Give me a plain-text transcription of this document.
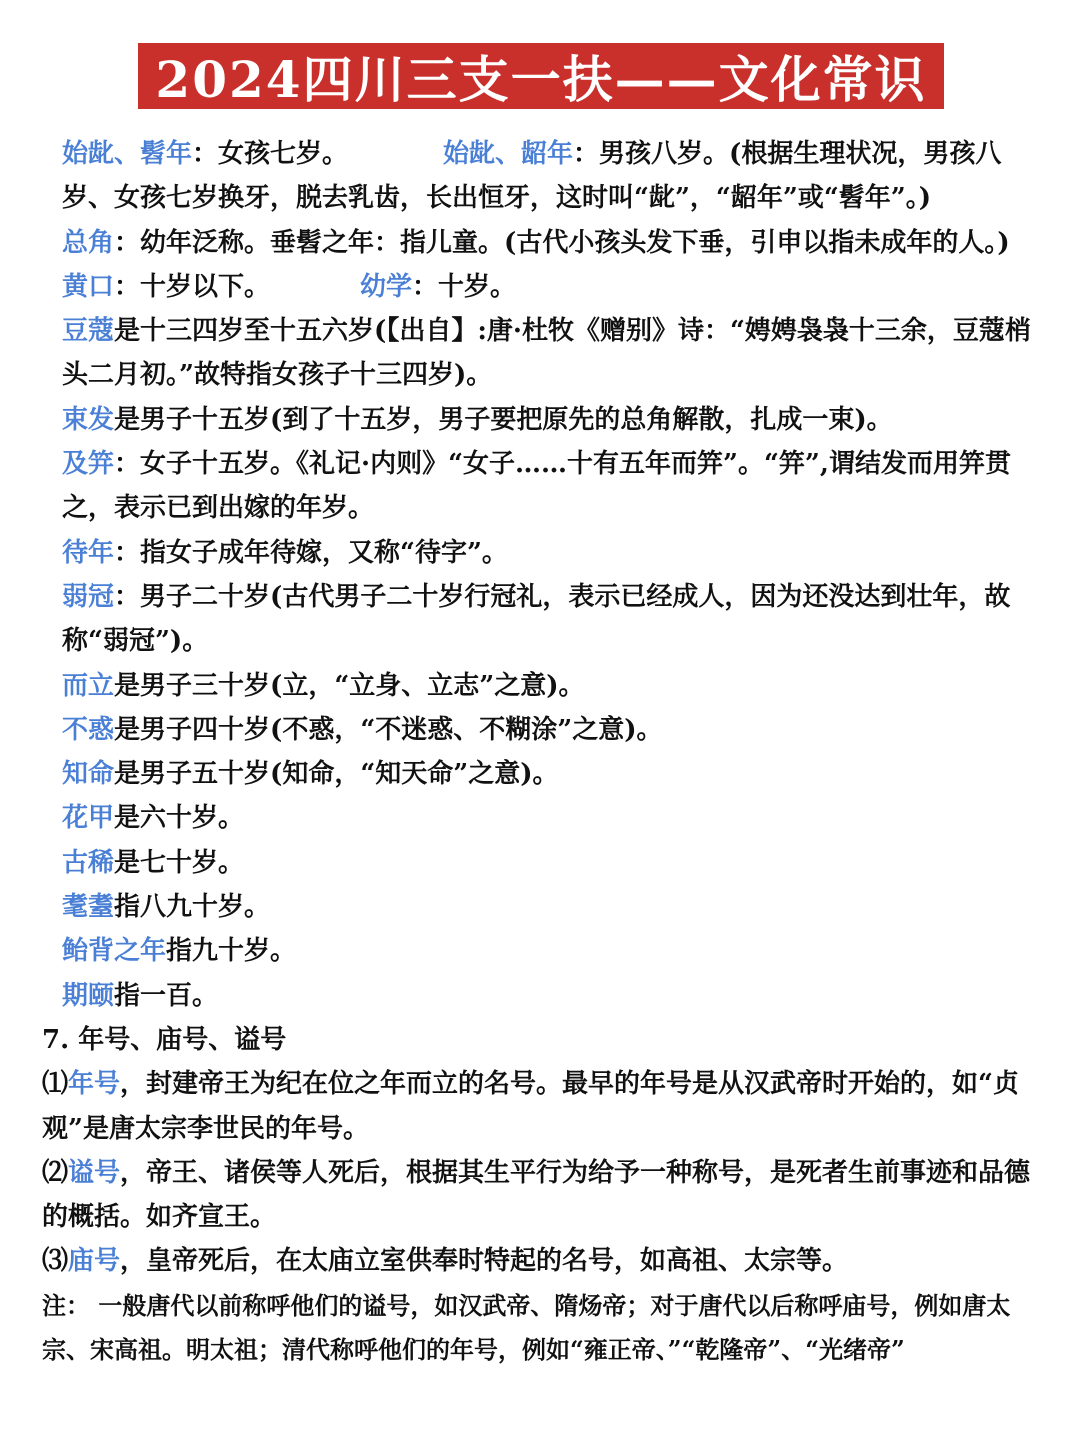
2024四川三支一扶——文化常识

始龀、髫年：女孩七岁。	始龀、龆年：男孩八岁。(根据生理状况，男孩八岁、女孩七岁换牙，脱去乳齿，长出恒牙，这时叫“龀”，“龆年”或“髫年”。)

总角：幼年泛称。垂髫之年：指儿童。(古代小孩头发下垂，引申以指未成年的人。)

黄口：十岁以下。	幼学：十岁。

豆蔻是十三四岁至十五六岁(【出自】:唐·杜牧《赠别》诗：“娉娉袅袅十三余，豆蔻梢头二月初。”故特指女孩子十三四岁)。

束发是男子十五岁(到了十五岁，男子要把原先的总角解散，扎成一束)。

及笄：女子十五岁。《礼记·内则》“女子……十有五年而笄”。“笄”,谓结发而用笄贯之，表示已到出嫁的年岁。

待年：指女子成年待嫁，又称“待字”。

弱冠：男子二十岁(古代男子二十岁行冠礼，表示已经成人，因为还没达到壮年，故称“弱冠”)。

而立是男子三十岁(立，“立身、立志”之意)。

不惑是男子四十岁(不惑，“不迷惑、不糊涂”之意)。

知命是男子五十岁(知命，“知天命”之意)。

花甲是六十岁。

古稀是七十岁。

耄耋指八九十岁。

鲐背之年指九十岁。

期颐指一百。

7. 年号、庙号、谥号

⑴年号，封建帝王为纪在位之年而立的名号。最早的年号是从汉武帝时开始的，如“贞观”是唐太宗李世民的年号。

⑵谥号，帝王、诸侯等人死后，根据其生平行为给予一种称号，是死者生前事迹和品德的概括。如齐宣王。

⑶庙号，皇帝死后，在太庙立室供奉时特起的名号，如高祖、太宗等。

注： 一般唐代以前称呼他们的谥号，如汉武帝、隋炀帝；对于唐代以后称呼庙号，例如唐太宗、宋高祖。明太祖；清代称呼他们的年号，例如“雍正帝、”“乾隆帝”、“光绪帝”
